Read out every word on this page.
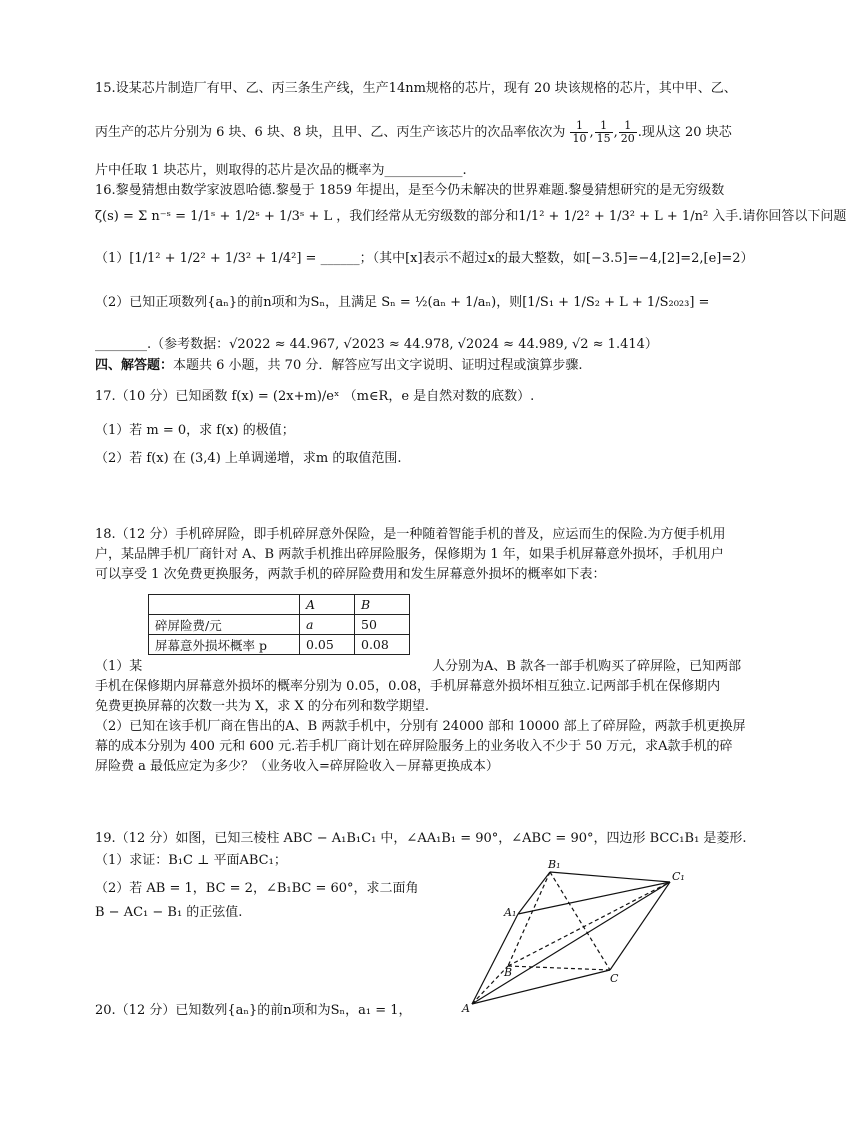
15.设某芯片制造厂有甲、乙、丙三条生产线，生产14nm规格的芯片，现有 20 块该规格的芯片，其中甲、乙、
丙生产的芯片分别为 6 块、6 块、8 块，且甲、乙、丙生产该芯片的次品率依次为 $\frac{1}{10}$ , $\frac{1}{15}$ , $\frac{1}{20}$ .现从这 20 块芯
片中任取 1 块芯片，则取得的芯片是次品的概率为____________.
16.黎曼猜想由数学家波恩哈德.黎曼于 1859 年提出，是至今仍未解决的世界难题.黎曼猜想研究的是无穷级数
ζ(s) = Σ n⁻ˢ = 1/1ˢ + 1/2ˢ + 1/3ˢ + L ，我们经常从无穷级数的部分和1/1² + 1/2² + 1/3² + L + 1/n² 入手.请你回答以下问题
（1）[1/1² + 1/2² + 1/3² + 1/4²] = ______；（其中[x]表示不超过x的最大整数，如[−3.5]=−4,[2]=2,[e]=2）
（2）已知正项数列{aₙ}的前n项和为Sₙ，且满足 Sₙ = ½(aₙ + 1/aₙ)，则[1/S₁ + 1/S₂ + L + 1/S₂₀₂₃] =
________.（参考数据：√2022 ≈ 44.967, √2023 ≈ 44.978, √2024 ≈ 44.989, √2 ≈ 1.414）
四、解答题：本题共 6 小题，共 70 分．解答应写出文字说明、证明过程或演算步骤.
17.（10 分）已知函数 f(x) = (2x+m)/eˣ （m∈R，e 是自然对数的底数）.
（1）若 m = 0，求 f(x) 的极值；
（2）若 f(x) 在 (3,4) 上单调递增，求m 的取值范围.
18.（12 分）手机碎屏险，即手机碎屏意外保险，是一种随着智能手机的普及，应运而生的保险.为方便手机用
户，某品牌手机厂商针对 A、B 两款手机推出碎屏险服务，保修期为 1 年，如果手机屏幕意外损坏，手机用户
可以享受 1 次免费更换服务，两款手机的碎屏险费用和发生屏幕意外损坏的概率如下表：
	A	B
碎屏险费/元	a	50
屏幕意外损坏概率 p	0.05	0.08
（1）某	人分别为A、B 款各一部手机购买了碎屏险，已知两部
手机在保修期内屏幕意外损坏的概率分别为 0.05，0.08，手机屏幕意外损坏相互独立.记两部手机在保修期内
免费更换屏幕的次数一共为 X，求 X 的分布列和数学期望.
（2）已知在该手机厂商在售出的A、B 两款手机中，分别有 24000 部和 10000 部上了碎屏险，两款手机更换屏
幕的成本分别为 400 元和 600 元.若手机厂商计划在碎屏险服务上的业务收入不少于 50 万元，求A款手机的碎
屏险费 a 最低应定为多少？（业务收入=碎屏险收入－屏幕更换成本）
19.（12 分）如图，已知三棱柱 ABC − A₁B₁C₁ 中，∠AA₁B₁ = 90°，∠ABC = 90°，四边形 BCC₁B₁ 是菱形.
（1）求证：B₁C ⊥ 平面ABC₁；
（2）若 AB = 1，BC = 2，∠B₁BC = 60°，求二面角
B − AC₁ − B₁ 的正弦值.
B₁
C₁
A₁
B	C
A
20.（12 分）已知数列{aₙ}的前n项和为Sₙ，a₁ = 1，
